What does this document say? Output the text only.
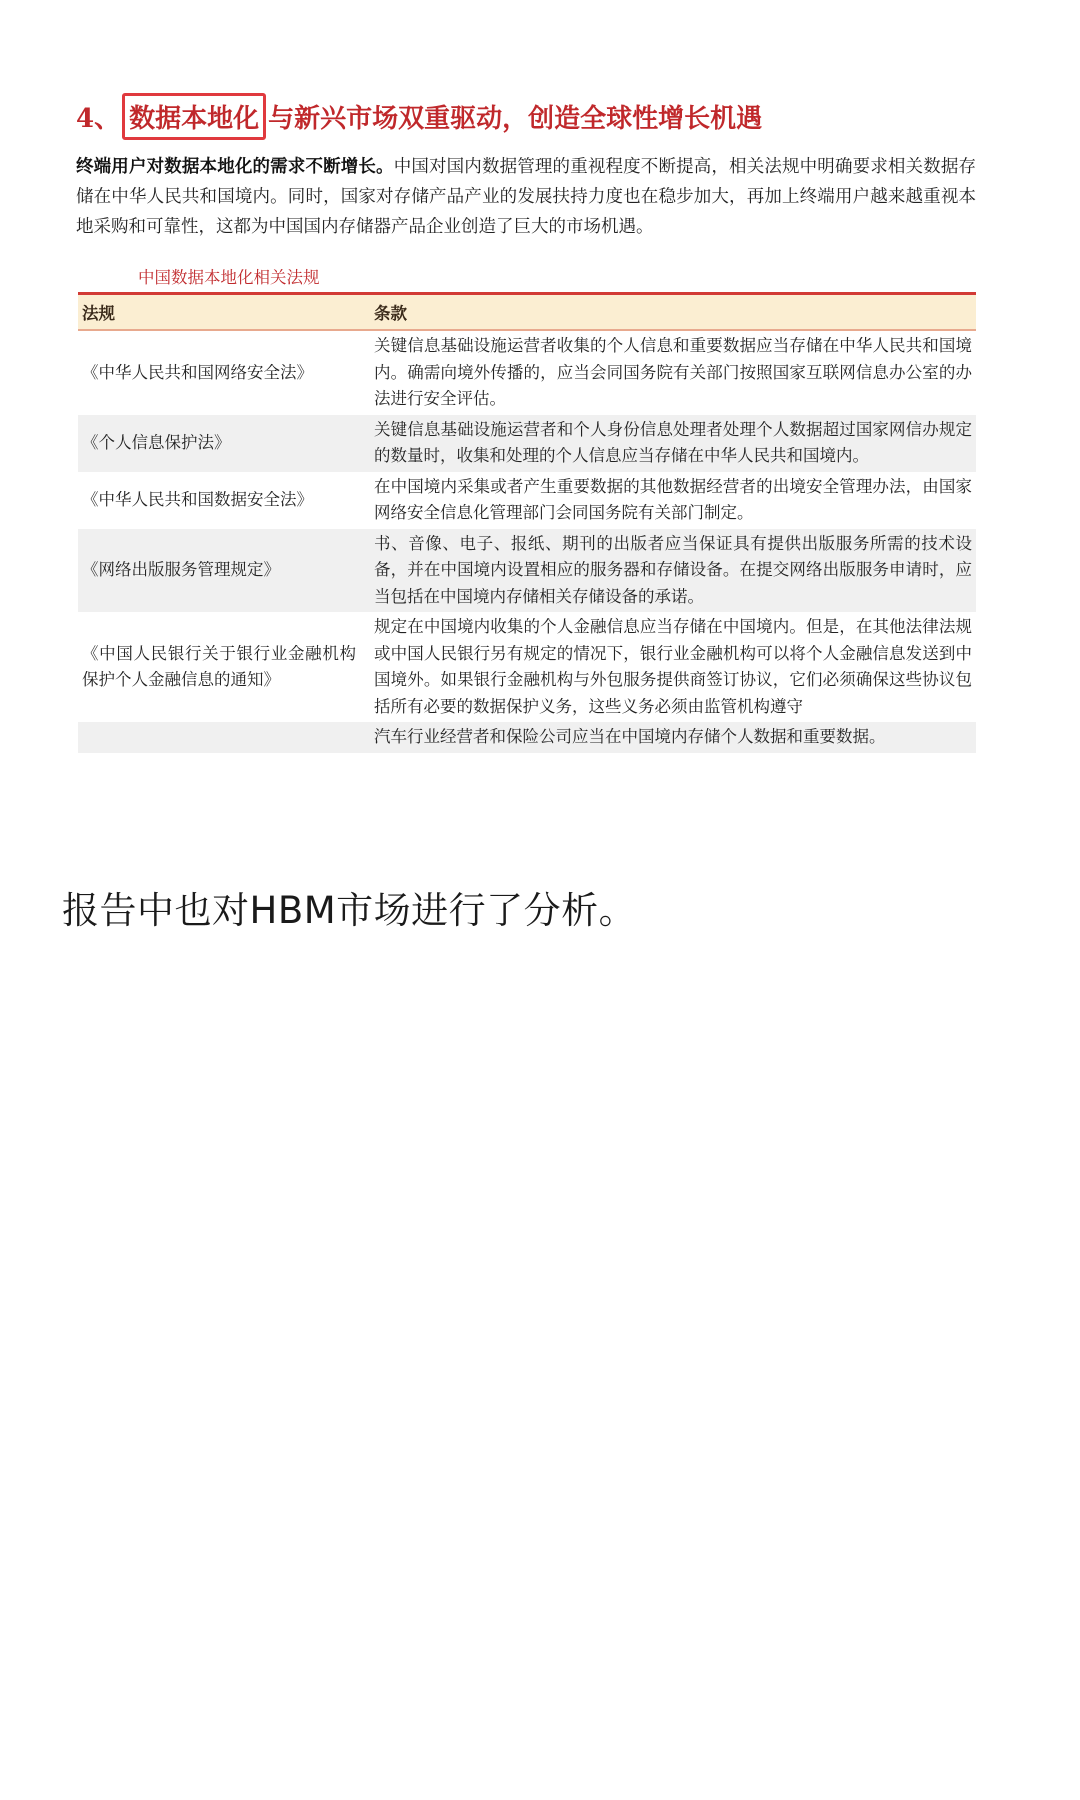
4、 数据本地化 与新兴市场双重驱动，创造全球性增长机遇
终端用户对数据本地化的需求不断增长。中国对国内数据管理的重视程度不断提高，相关法规中明确要求相关数据存储在中华人民共和国境内。同时，国家对存储产品产业的发展扶持力度也在稳步加大，再加上终端用户越来越重视本地采购和可靠性，这都为中国国内存储器产品企业创造了巨大的市场机遇。
中国数据本地化相关法规
法规	条款
《中华人民共和国网络安全法》	关键信息基础设施运营者收集的个人信息和重要数据应当存储在中华人民共和国境内。确需向境外传播的，应当会同国务院有关部门按照国家互联网信息办公室的办法进行安全评估。
《个人信息保护法》	关键信息基础设施运营者和个人身份信息处理者处理个人数据超过国家网信办规定的数量时，收集和处理的个人信息应当存储在中华人民共和国境内。
《中华人民共和国数据安全法》	在中国境内采集或者产生重要数据的其他数据经营者的出境安全管理办法，由国家网络安全信息化管理部门会同国务院有关部门制定。
《网络出版服务管理规定》	书、音像、电子、报纸、期刊的出版者应当保证具有提供出版服务所需的技术设备，并在中国境内设置相应的服务器和存储设备。在提交网络出版服务申请时，应当包括在中国境内存储相关存储设备的承诺。
《中国人民银行关于银行业金融机构保护个人金融信息的通知》	规定在中国境内收集的个人金融信息应当存储在中国境内。但是，在其他法律法规或中国人民银行另有规定的情况下，银行业金融机构可以将个人金融信息发送到中国境外。如果银行金融机构与外包服务提供商签订协议，它们必须确保这些协议包括所有必要的数据保护义务，这些义务必须由监管机构遵守
	汽车行业经营者和保险公司应当在中国境内存储个人数据和重要数据。
报告中也对HBM市场进行了分析。
